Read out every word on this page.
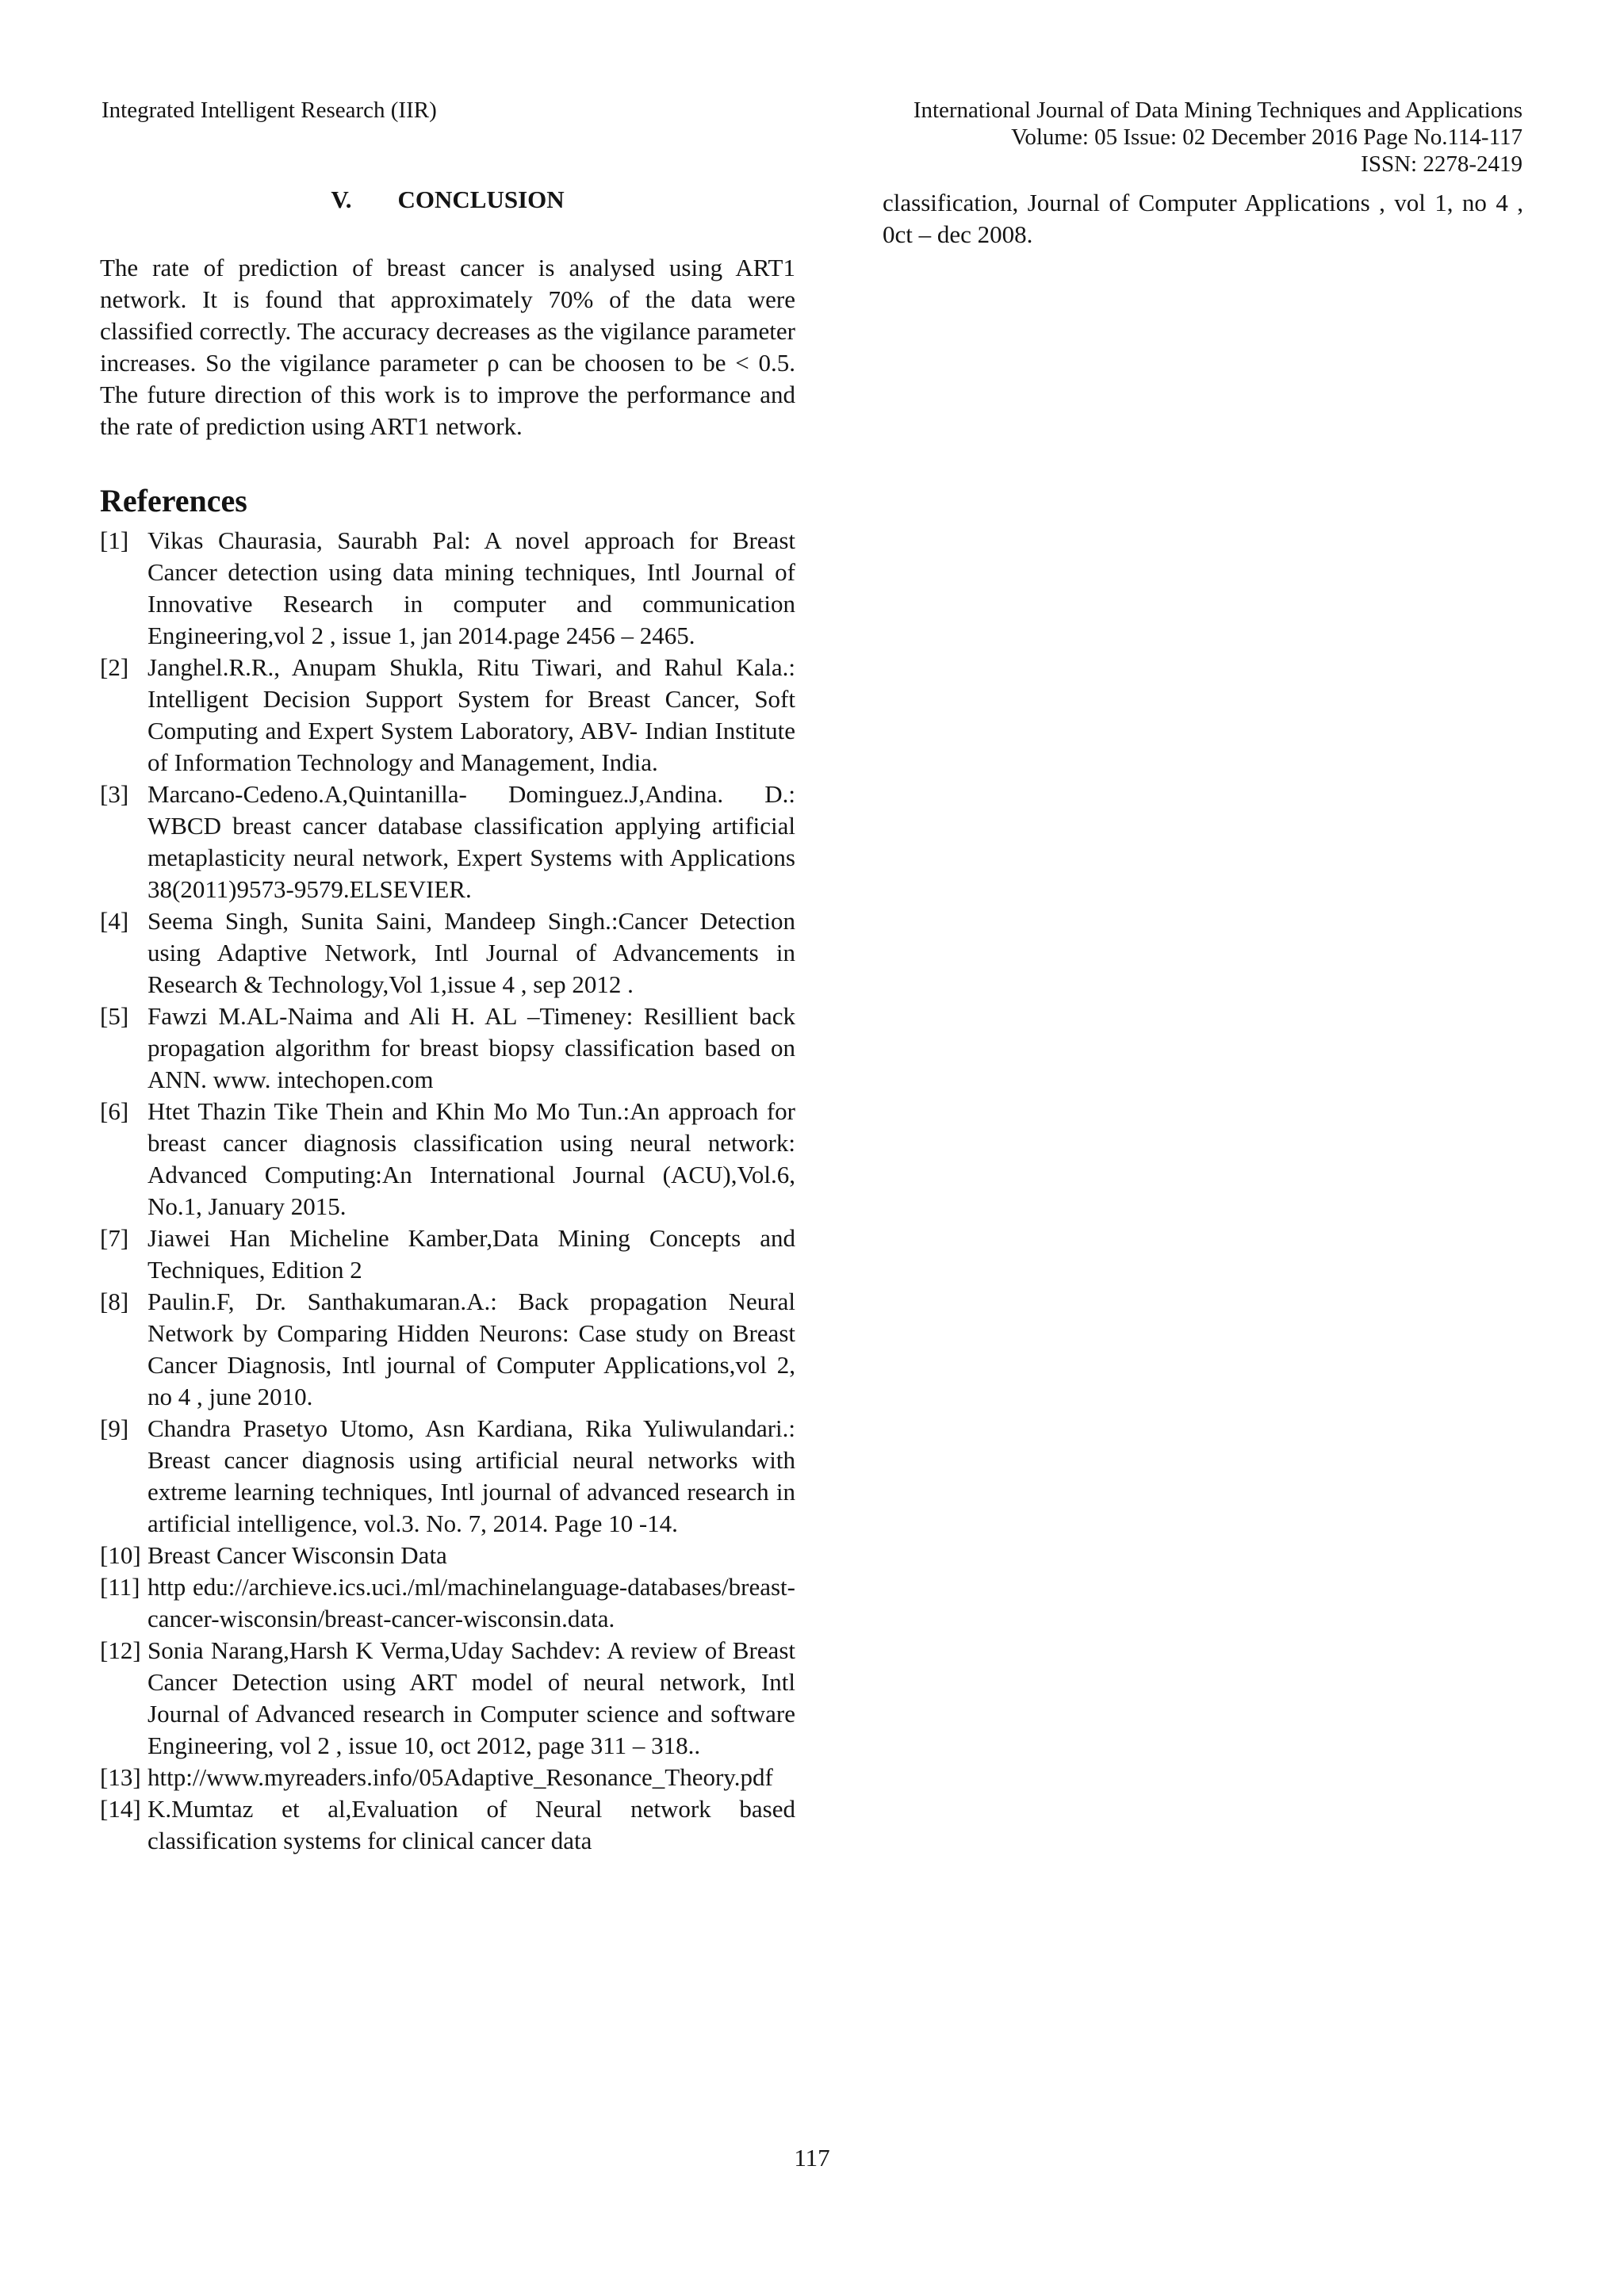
Integrated Intelligent Research (IIR)	International Journal of Data Mining Techniques and Applications
Volume: 05 Issue: 02 December 2016 Page No.114-117
ISSN: 2278-2419
V. CONCLUSION

The rate of prediction of breast cancer is analysed using ART1 network. It is found that approximately 70% of the data were classified correctly. The accuracy decreases as the vigilance parameter increases. So the vigilance parameter ρ can be choosen to be < 0.5. The future direction of this work is to improve the performance and the rate of prediction using ART1 network.

References
[1] Vikas Chaurasia, Saurabh Pal: A novel approach for Breast Cancer detection using data mining techniques, Intl Journal of Innovative Research in computer and communication Engineering,vol 2 , issue 1, jan 2014.page 2456 – 2465.
[2] Janghel.R.R., Anupam Shukla, Ritu Tiwari, and Rahul Kala.: Intelligent Decision Support System for Breast Cancer, Soft Computing and Expert System Laboratory, ABV- Indian Institute of Information Technology and Management, India.
[3] Marcano-Cedeno.A,Quintanilla- Dominguez.J,Andina. D.: WBCD breast cancer database classification applying artificial metaplasticity neural network, Expert Systems with Applications 38(2011)9573-9579.ELSEVIER.
[4] Seema Singh, Sunita Saini, Mandeep Singh.:Cancer Detection using Adaptive Network, Intl Journal of Advancements in Research & Technology,Vol 1,issue 4 , sep 2012 .
[5] Fawzi M.AL-Naima and Ali H. AL –Timeney: Resillient back propagation algorithm for breast biopsy classification based on ANN. www. intechopen.com
[6] Htet Thazin Tike Thein and Khin Mo Mo Tun.:An approach for breast cancer diagnosis classification using neural network: Advanced Computing:An International Journal (ACU),Vol.6, No.1, January 2015.
[7] Jiawei Han Micheline Kamber,Data Mining Concepts and Techniques, Edition 2
[8] Paulin.F, Dr. Santhakumaran.A.: Back propagation Neural Network by Comparing Hidden Neurons: Case study on Breast Cancer Diagnosis, Intl journal of Computer Applications,vol 2, no 4 , june 2010.
[9] Chandra Prasetyo Utomo, Asn Kardiana, Rika Yuliwulandari.: Breast cancer diagnosis using artificial neural networks with extreme learning techniques, Intl journal of advanced research in artificial intelligence, vol.3. No. 7, 2014. Page 10 -14.
[10] Breast Cancer Wisconsin Data
[11] http edu://archieve.ics.uci./ml/machinelanguage-databases/breast-cancer-wisconsin/breast-cancer-wisconsin.data.
[12] Sonia Narang,Harsh K Verma,Uday Sachdev: A review of Breast Cancer Detection using ART model of neural network, Intl Journal of Advanced research in Computer science and software Engineering, vol 2 , issue 10, oct 2012, page 311 – 318..
[13] http://www.myreaders.info/05Adaptive_Resonance_Theory.pdf
[14] K.Mumtaz et al,Evaluation of Neural network based classification systems for clinical cancer data

classification, Journal of Computer Applications , vol 1, no 4 , 0ct – dec 2008.

117
